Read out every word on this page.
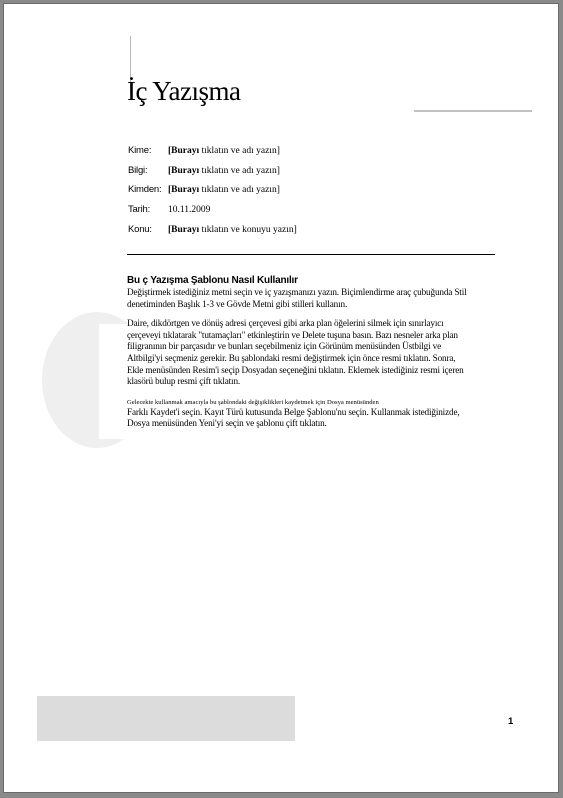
İç Yazışma
Kime: [Burayı tıklatın ve adı yazın]
Bilgi: [Burayı tıklatın ve adı yazın]
Kimden: [Burayı tıklatın ve adı yazın]
Tarih: 10.11.2009
Konu: [Burayı tıklatın ve konuyu yazın]
Bu ç Yazışma Şablonu Nasıl Kullanılır

Değiştirmek istediğiniz metni seçin ve iç yazışmanızı yazın. Biçimlendirme araç çubuğunda Stil
denetiminden Başlık 1-3 ve Gövde Metni gibi stilleri kullanın.

Daire, dikdörtgen ve dönüş adresi çerçevesi gibi arka plan öğelerini silmek için sınırlayıcı
çerçeveyi tıklatarak "tutamaçları" etkinleştirin ve Delete tuşuna basın. Bazı nesneler arka plan
filigranının bir parçasıdır ve bunları seçebilmeniz için Görünüm menüsünden Üstbilgi ve
Altbilgi'yi seçmeniz gerekir. Bu şablondaki resmi değiştirmek için önce resmi tıklatın. Sonra,
Ekle menüsünden Resim'i seçip Dosyadan seçeneğini tıklatın. Eklemek istediğiniz resmi içeren
klasörü bulup resmi çift tıklatın.

Gelecekte kullanmak amacıyla bu şablondaki değişiklikleri kaydetmek için Dosya menüsünden
Farklı Kaydet'i seçin. Kayıt Türü kutusunda Belge Şablonu'nu seçin. Kullanmak istediğinizde,
Dosya menüsünden Yeni'yi seçin ve şablonu çift tıklatın.

1
